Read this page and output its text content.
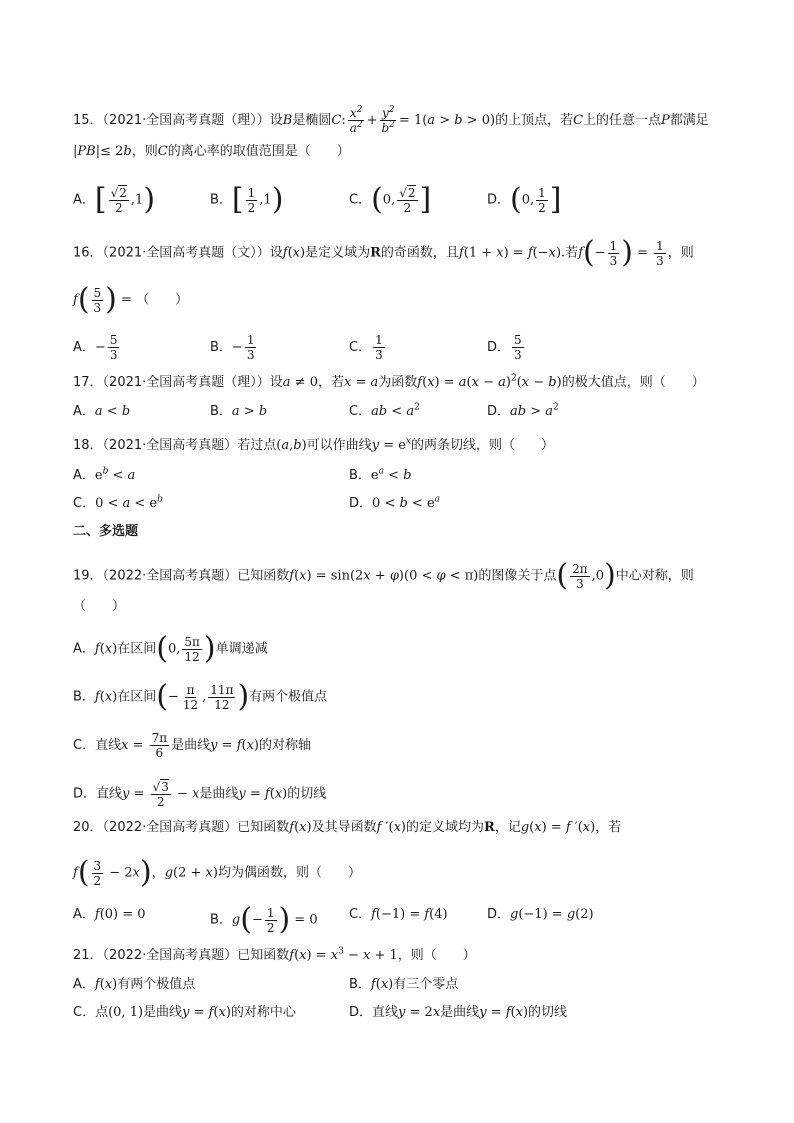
15．（2021·全国高考真题（理））设B是椭圆C: $\frac{x^2}{a^2} + \frac{y^2}{b^2} = 1(a > b > 0)$的上顶点，若C上的任意一点P都满足
|PB|≤ 2b，则C的离心率的取值范围是（　　）
A．[ $\frac{√2}{2} ,1$)	B．[ $\frac{1}{2} ,1$)	C．(0, $\frac{√2}{2}$ ]	D．(0, $\frac{1}{2}$ ]
16．（2021·全国高考真题（文））设f(x)是定义域为R的奇函数，且f(1 + x) = f(−x).若$f(- \frac{1}{3}$ ) = $\frac{1}{3}$ ，则
$f( \frac{5}{3}$ ) = （　　）
A．− $\frac{5}{3}$	B．− $\frac{1}{3}$	C． $\frac{1}{3}$	D． $\frac{5}{3}$
17．（2021·全国高考真题（理））设a ≠ 0，若x = a为函数$f(x) = a(x - a)^2(x - b)$的极大值点，则（　　）
A．a < b	B．a > b	C．ab < $a^2$	D．ab > $a^2$
18．（2021·全国高考真题）若过点(a,b)可以作曲线$y = e^x$的两条切线，则（　　）
A．$e^b < a$	B．$e^a < b$
C．$0 < a < e^b$	D．$0 < b < e^a$
二、多选题
19．（2022·全国高考真题）已知函数f(x) = sin(2x + φ)(0 < φ < π)的图像关于点( $\frac{2\pi}{3} ,0$)中心对称，则
（　　）
A．f(x)在区间(0, $\frac{5\pi}{12}$ )单调递减
B．f(x)在区间(− $\frac{\pi}{12}$ , $\frac{11\pi}{12}$ )有两个极值点
C．直线$x = \frac{7\pi}{6}$ 是曲线y = f(x)的对称轴
D．直线$y = \frac{√3}{2} - x$是曲线y = f(x)的切线
20．（2022·全国高考真题）已知函数f(x)及其导函数f ′(x)的定义域均为R，记g(x) = f ′(x)，若
$f( \frac{3}{2} - 2x)$，g(2 + x)均为偶函数，则（　　）
A．f(0) = 0	B．$g(- \frac{1}{2}$ ) = 0 C．f(−1) = f(4)	D．g(−1) = g(2)
21．（2022·全国高考真题）已知函数$f(x) = x^3 - x + 1$，则（　　）
A．f(x)有两个极值点	B．f(x)有三个零点
C．点(0, 1)是曲线y = f(x)的对称中心	D．直线y = 2x是曲线y = f(x)的切线
